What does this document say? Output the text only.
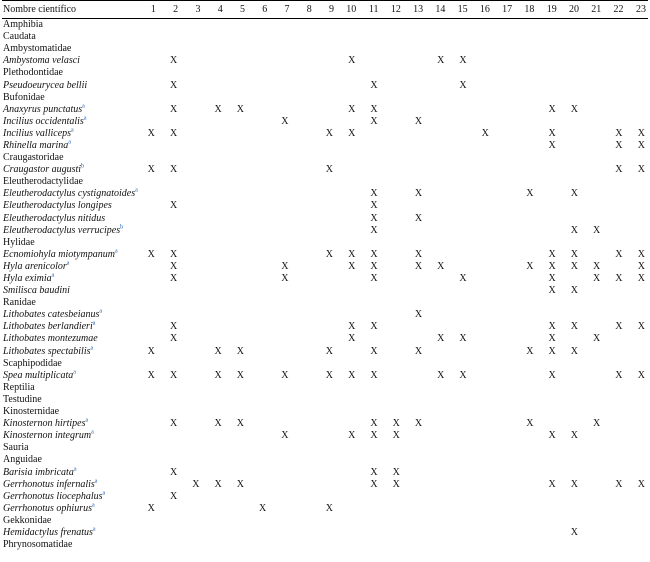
Nombre científico	1	2	3	4	5	6	7	8	9	10	11	12	13	14	15	16	17	18	19	20	21	22	23
Amphibia																							
Caudata																							
Ambystomatidae																							
Ambystoma velasci		X								X				X	X								
Plethodontidae																							
Pseudoeurycea bellii		X									X				X								
Bufonidae																							
Anaxyrus punctatus$^a$		X		X	X					X	X								X	X			
Incilius occidentalis$^a$							X				X		X										
Incilius valliceps$^a$	X	X							X	X						X			X			X	X
Rhinella marina$^a$																			X			X	X
Craugastoridae																							
Craugastor augusti$^b$	X	X							X													X	X
Eleutherodactylidae																							
Eleutherodactylus cystignatoides$^a$											X		X					X		X			
Eleutherodactylus longipes		X									X												
Eleutherodactylus nitidus											X		X										
Eleutherodactylus verrucipes$^b$											X									X	X		
Hylidae																							
Ecnomiohyla miotympanum$^a$	X	X							X	X	X		X						X	X		X	X
Hyla arenicolor$^a$		X					X			X	X		X	X				X	X	X	X		X
Hyla eximia$^a$		X					X				X				X				X		X	X	X
Smilisca baudini																			X	X			
Ranidae																							
Lithobates catesbeianus$^a$													X										
Lithobates berlandieri$^a$		X								X	X								X	X		X	X
Lithobates montezumae		X								X				X	X				X		X		
Lithobates spectabilis$^a$	X			X	X				X		X		X					X	X	X			
Scaphipodidae																							
Spea multiplicata$^a$	X	X		X	X		X		X	X	X			X	X				X			X	X
Reptilia																							
Testudine																							
Kinosternidae																							
Kinosternon hirtipes$^a$		X		X	X						X	X	X					X			X		
Kinosternon integrum$^a$							X			X	X	X							X	X			
Sauria																							
Anguidae																							
Barisia imbricata$^a$		X									X	X											
Gerrhonotus infernalis$^a$			X	X	X						X	X							X	X		X	X
Gerrhonotus liocephalus$^a$		X																					
Gerrhonotus ophiurus$^a$	X					X			X														
Gekkonidae																							
Hemidactylus frenatus$^a$																				X			
Phrynosomatidae																							
